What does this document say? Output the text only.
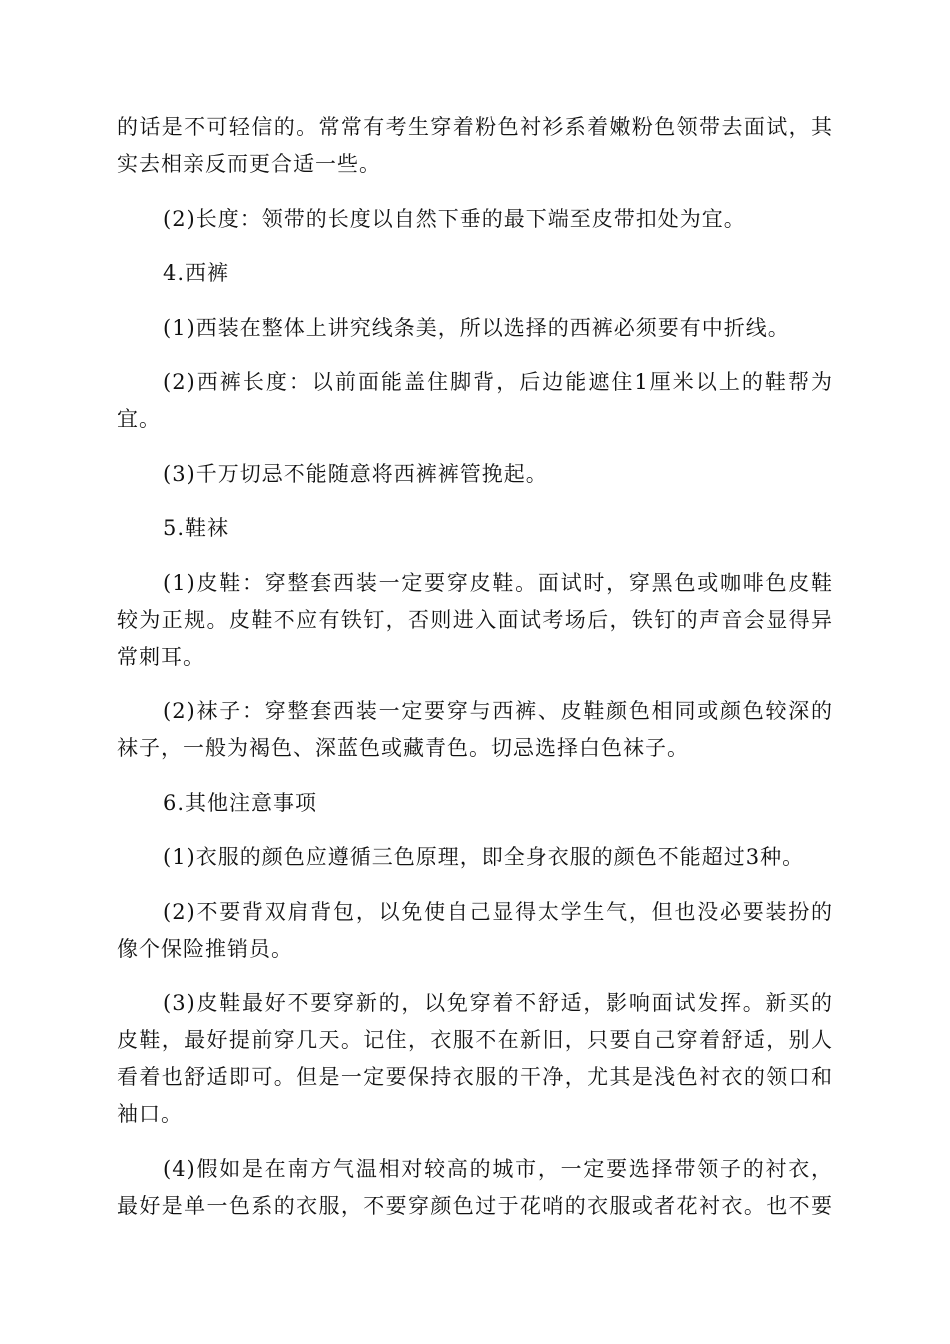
的话是不可轻信的。常常有考生穿着粉色衬衫系着嫩粉色领带去面试，其
实去相亲反而更合适一些。
(2)长度：领带的长度以自然下垂的最下端至皮带扣处为宜。
4.西裤
(1)西装在整体上讲究线条美，所以选择的西裤必须要有中折线。
(2)西裤长度：以前面能盖住脚背，后边能遮住1厘米以上的鞋帮为
宜。
(3)千万切忌不能随意将西裤裤管挽起。
5.鞋袜
(1)皮鞋：穿整套西装一定要穿皮鞋。面试时，穿黑色或咖啡色皮鞋
较为正规。皮鞋不应有铁钉，否则进入面试考场后，铁钉的声音会显得异
常刺耳。
(2)袜子：穿整套西装一定要穿与西裤、皮鞋颜色相同或颜色较深的
袜子，一般为褐色、深蓝色或藏青色。切忌选择白色袜子。
6.其他注意事项
(1)衣服的颜色应遵循三色原理，即全身衣服的颜色不能超过3种。
(2)不要背双肩背包，以免使自己显得太学生气，但也没必要装扮的
像个保险推销员。
(3)皮鞋最好不要穿新的，以免穿着不舒适，影响面试发挥。新买的
皮鞋，最好提前穿几天。记住，衣服不在新旧，只要自己穿着舒适，别人
看着也舒适即可。但是一定要保持衣服的干净，尤其是浅色衬衣的领口和
袖口。
(4)假如是在南方气温相对较高的城市，一定要选择带领子的衬衣，
最好是单一色系的衣服，不要穿颜色过于花哨的衣服或者花衬衣。也不要
